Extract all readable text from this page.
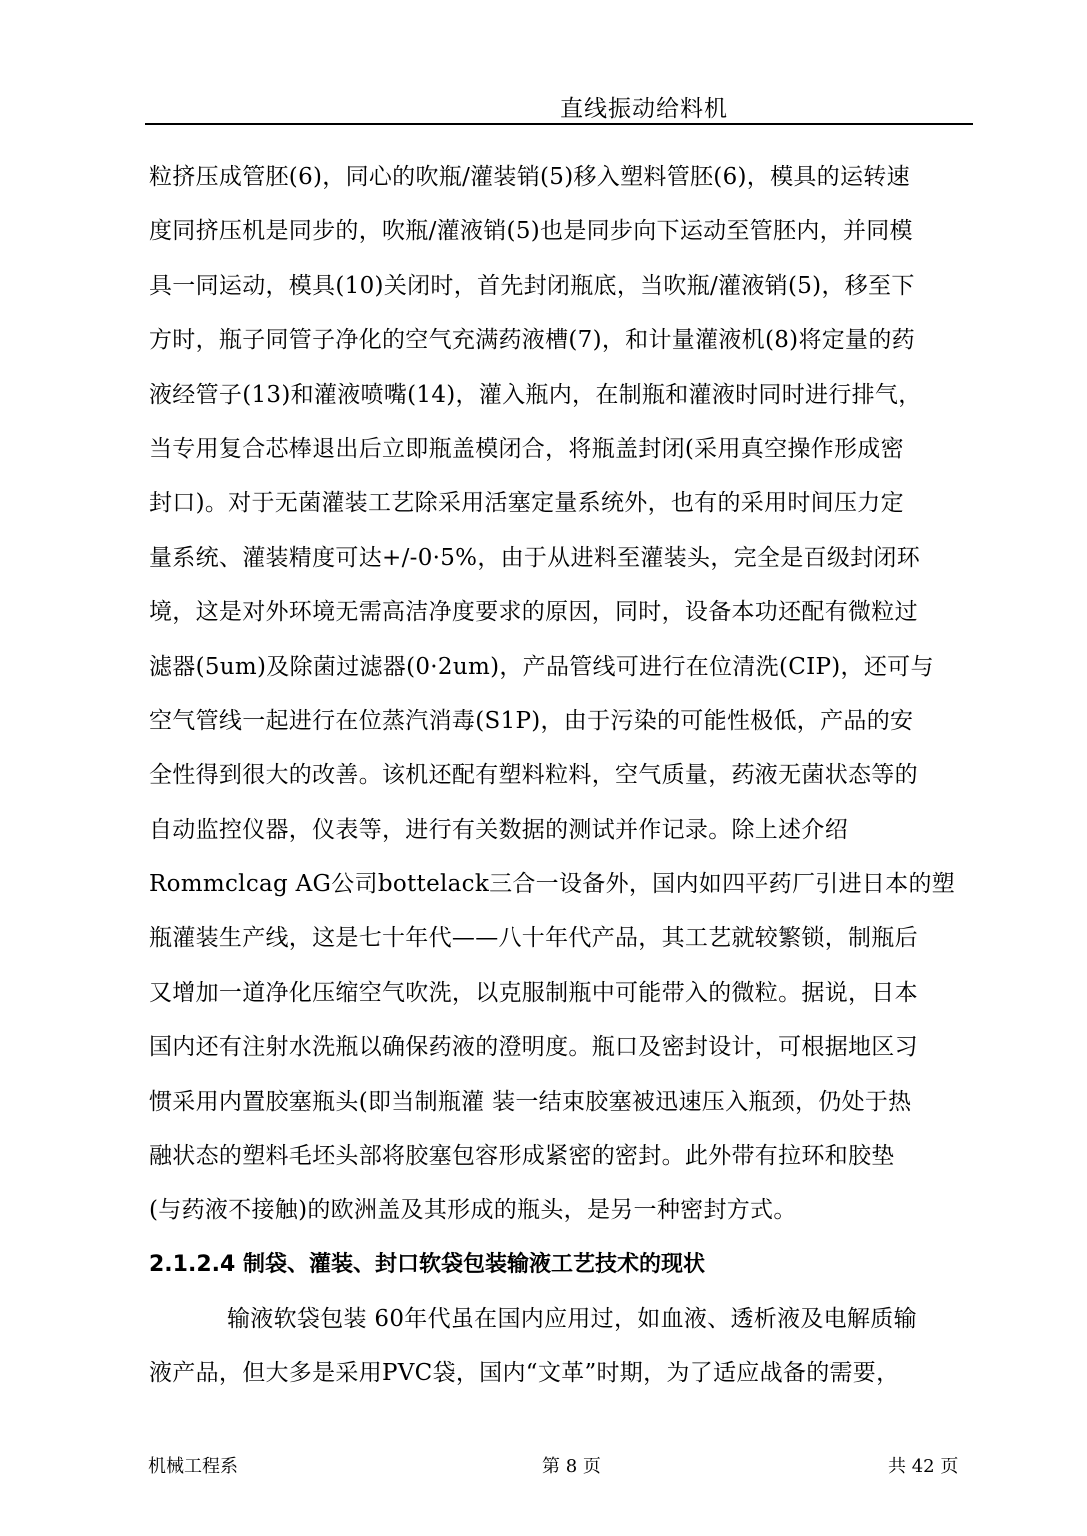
直线振动给料机
粒挤压成管胚(6)，同心的吹瓶/灌装销(5)移入塑料管胚(6)，模具的运转速
度同挤压机是同步的，吹瓶/灌液销(5)也是同步向下运动至管胚内，并同模
具一同运动，模具(10)关闭时，首先封闭瓶底，当吹瓶/灌液销(5)，移至下
方时，瓶子同管子净化的空气充满药液槽(7)，和计量灌液机(8)将定量的药
液经管子(13)和灌液喷嘴(14)，灌入瓶内，在制瓶和灌液时同时进行排气，
当专用复合芯棒退出后立即瓶盖模闭合，将瓶盖封闭(采用真空操作形成密
封口)。对于无菌灌装工艺除采用活塞定量系统外，也有的采用时间压力定
量系统、灌装精度可达+/-0·5%，由于从进料至灌装头，完全是百级封闭环
境，这是对外环境无需高洁净度要求的原因，同时，设备本功还配有微粒过
滤器(5um)及除菌过滤器(0·2um)，产品管线可进行在位清洗(CIP)，还可与
空气管线一起进行在位蒸汽消毒(S1P)，由于污染的可能性极低，产品的安
全性得到很大的改善。该机还配有塑料粒料，空气质量，药液无菌状态等的
自动监控仪器，仪表等，进行有关数据的测试并作记录。除上述介绍
Rommclcag AG公司bottelack三合一设备外，国内如四平药厂引进日本的塑
瓶灌装生产线，这是七十年代——八十年代产品，其工艺就较繁锁，制瓶后
又增加一道净化压缩空气吹洗，以克服制瓶中可能带入的微粒。据说，日本
国内还有注射水洗瓶以确保药液的澄明度。瓶口及密封设计，可根据地区习
惯采用内置胶塞瓶头(即当制瓶灌 装一结束胶塞被迅速压入瓶颈，仍处于热
融状态的塑料毛坯头部将胶塞包容形成紧密的密封。此外带有拉环和胶垫
(与药液不接触)的欧洲盖及其形成的瓶头，是另一种密封方式。
2.1.2.4 制袋、灌装、封口软袋包装输液工艺技术的现状
输液软袋包装 60年代虽在国内应用过，如血液、透析液及电解质输
液产品，但大多是采用PVC袋，国内“文革”时期，为了适应战备的需要，
机械工程系	第 8 页	共 42 页
